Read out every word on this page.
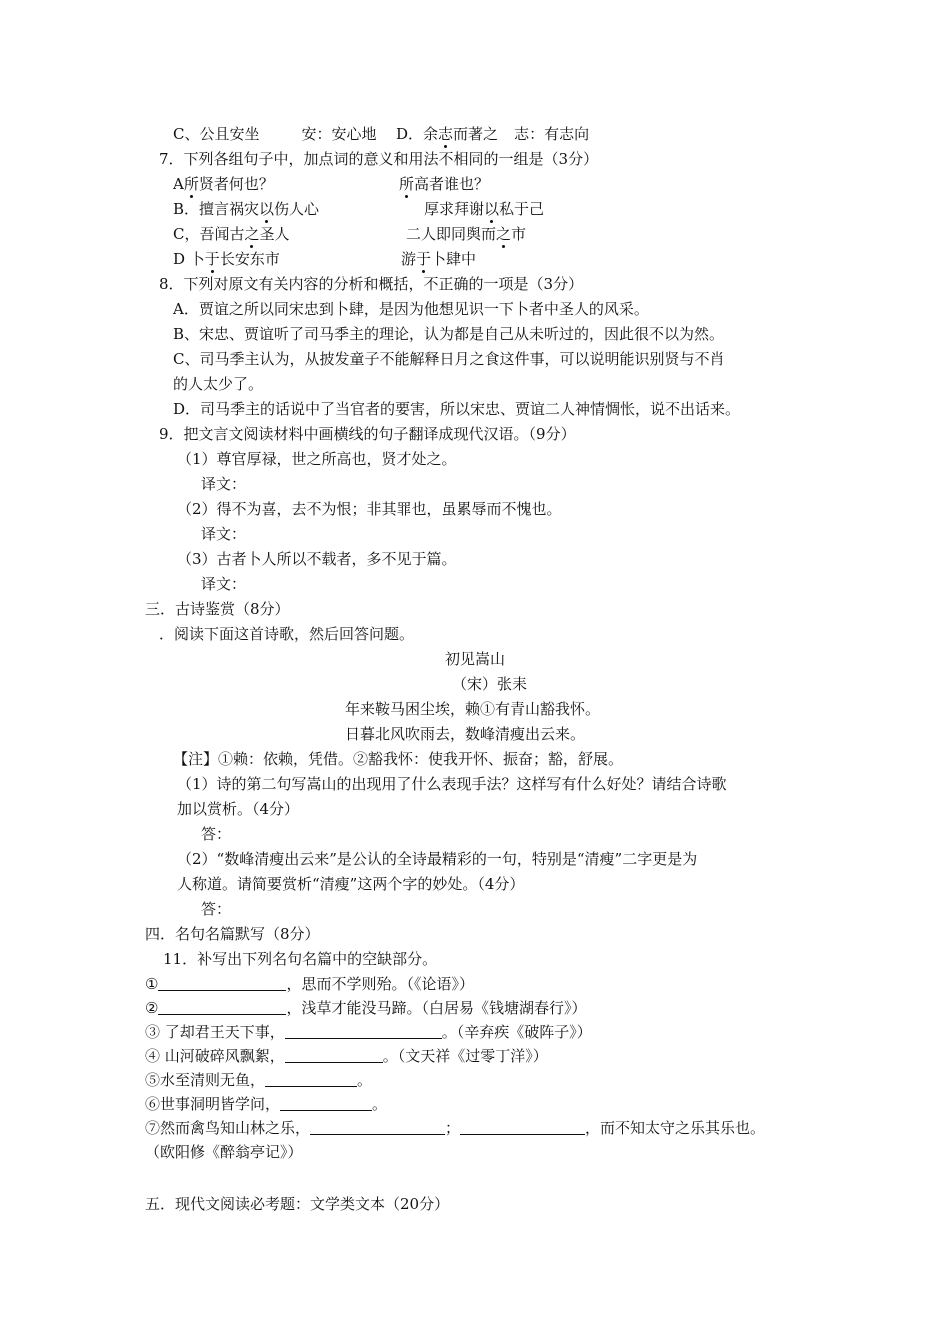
C、公且安坐	安：安心地 D．余志而著之 志：有志向
7．下列各组句子中，加点词的意义和用法不相同的一组是（3分）
A所贤者何也？	所高者谁也？
B．擅言祸灾以伤人心	厚求拜谢以私于己
C，吾闻古之圣人	二人即同舆而之市
D 卜于长安东市	游于卜肆中
8．下列对原文有关内容的分析和概括，不正确的一项是（3分）
A．贾谊之所以同宋忠到卜肆，是因为他想见识一下卜者中圣人的风采。
B、宋忠、贾谊听了司马季主的理论，认为都是自己从未听过的，因此很不以为然。
C、司马季主认为，从披发童子不能解释日月之食这件事，可以说明能识别贤与不肖
的人太少了。
D．司马季主的话说中了当官者的要害，所以宋忠、贾谊二人神情惆怅，说不出话来。
9．把文言文阅读材料中画横线的句子翻译成现代汉语。（9分）
（1）尊官厚禄，世之所高也，贤才处之。
译文：
（2）得不为喜，去不为恨；非其罪也，虽累辱而不愧也。
译文：
（3）古者卜人所以不载者，多不见于篇。
译文：
三．古诗鉴赏（8分）
．阅读下面这首诗歌，然后回答问题。
初见嵩山
（宋）张耒
年来鞍马困尘埃，赖①有青山豁我怀。
日暮北风吹雨去，数峰清瘦出云来。
【注】①赖：依赖，凭借。②豁我怀：使我开怀、振奋；豁，舒展。
（1）诗的第二句写嵩山的出现用了什么表现手法？这样写有什么好处？请结合诗歌
加以赏析。（4分）
答：
（2）“数峰清瘦出云来”是公认的全诗最精彩的一句，特别是“清瘦”二字更是为
人称道。请简要赏析“清瘦”这两个字的妙处。（4分）
答：
四．名句名篇默写（8分）
11．补写出下列名句名篇中的空缺部分。
①	，思而不学则殆。（《论语》）
②	，浅草才能没马蹄。（白居易《钱塘湖春行》）
③ 了却君王天下事，	。（辛弃疾《破阵子》）
④ 山河破碎风飘絮，	。（文天祥《过零丁洋》）
⑤水至清则无鱼，	。
⑥世事洞明皆学问，	。
⑦然而禽鸟知山林之乐，	；	，而不知太守之乐其乐也。
（欧阳修《醉翁亭记》）
五．现代文阅读必考题：文学类文本（20分）
